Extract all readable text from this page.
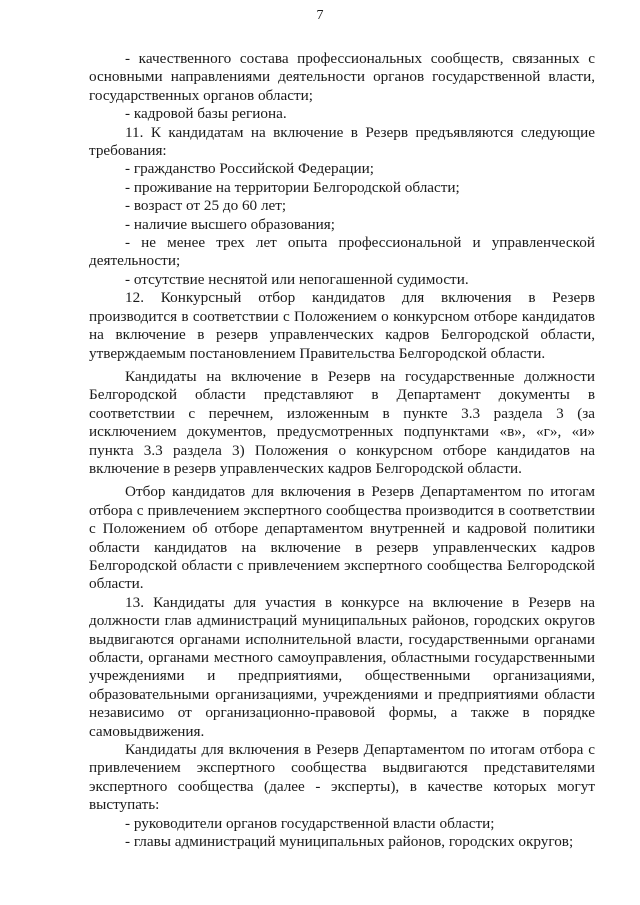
7

- качественного состава профессиональных сообществ, связанных с основными направлениями деятельности органов государственной власти, государственных органов области;

- кадровой базы региона.

11. К кандидатам на включение в Резерв предъявляются следующие требования:

- гражданство Российской Федерации;

- проживание на территории Белгородской области;

- возраст от 25 до 60 лет;

- наличие высшего образования;

- не менее трех лет опыта профессиональной и управленческой деятельности;

- отсутствие неснятой или непогашенной судимости.

12. Конкурсный отбор кандидатов для включения в Резерв производится в соответствии с Положением о конкурсном отборе кандидатов на включение в резерв управленческих кадров Белгородской области, утверждаемым постановлением Правительства Белгородской области.

Кандидаты на включение в Резерв на государственные должности Белгородской области представляют в Департамент документы в соответствии с перечнем, изложенным в пункте 3.3 раздела 3 (за исключением документов, предусмотренных подпунктами «в», «г», «и» пункта 3.3 раздела 3) Положения о конкурсном отборе кандидатов на включение в резерв управленческих кадров Белгородской области.

Отбор кандидатов для включения в Резерв Департаментом по итогам отбора с привлечением экспертного сообщества производится в соответствии с Положением об отборе департаментом внутренней и кадровой политики области кандидатов на включение в резерв управленческих кадров Белгородской области с привлечением экспертного сообщества Белгородской области.

13. Кандидаты для участия в конкурсе на включение в Резерв на должности глав администраций муниципальных районов, городских округов выдвигаются органами исполнительной власти, государственными органами области, органами местного самоуправления, областными государственными учреждениями и предприятиями, общественными организациями, образовательными организациями, учреждениями и предприятиями области независимо от организационно-правовой формы, а также в порядке самовыдвижения.

Кандидаты для включения в Резерв Департаментом по итогам отбора с привлечением экспертного сообщества выдвигаются представителями экспертного сообщества (далее - эксперты), в качестве которых могут выступать:

- руководители органов государственной власти области;

- главы администраций муниципальных районов, городских округов;
